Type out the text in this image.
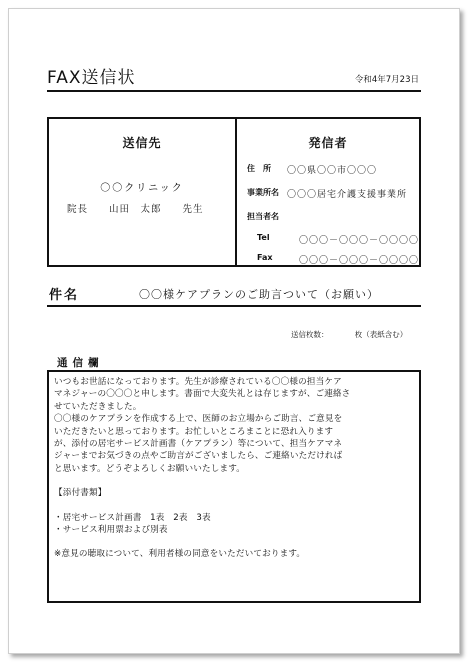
FAX送信状	令和4年7月23日
送信先
〇〇クリニック
院長　　山田　太郎　　先生
発信者
住　所	〇〇県〇〇市〇〇〇
事業所名 〇〇〇居宅介護支援事業所
担当者名
Tel	〇〇〇－〇〇〇－〇〇〇〇
Fax	〇〇〇－〇〇〇－〇〇〇〇
件名	〇〇様ケアプランのご助言ついて（お願い）
送信枚数：　　　　枚（表紙含む）
通信欄

いつもお世話になっております。先生が診療されている〇〇様の担当ケア

マネジャーの〇〇〇と申します。書面で大変失礼とは存じますが、ご連絡さ

せていただきました。

〇〇様のケアプランを作成する上で、医師のお立場からご助言、ご意見を

いただきたいと思っております。お忙しいところまことに恐れ入ります

が、添付の居宅サービス計画書（ケアプラン）等について、担当ケアマネ

ジャーまでお気づきの点やご助言がございましたら、ご連絡いただければ

と思います。どうぞよろしくお願いいたします。

【添付書類】

・居宅サービス計画書　1表　2表　3表

・サービス利用票および別表

※意見の聴取について、利用者様の同意をいただいております。
